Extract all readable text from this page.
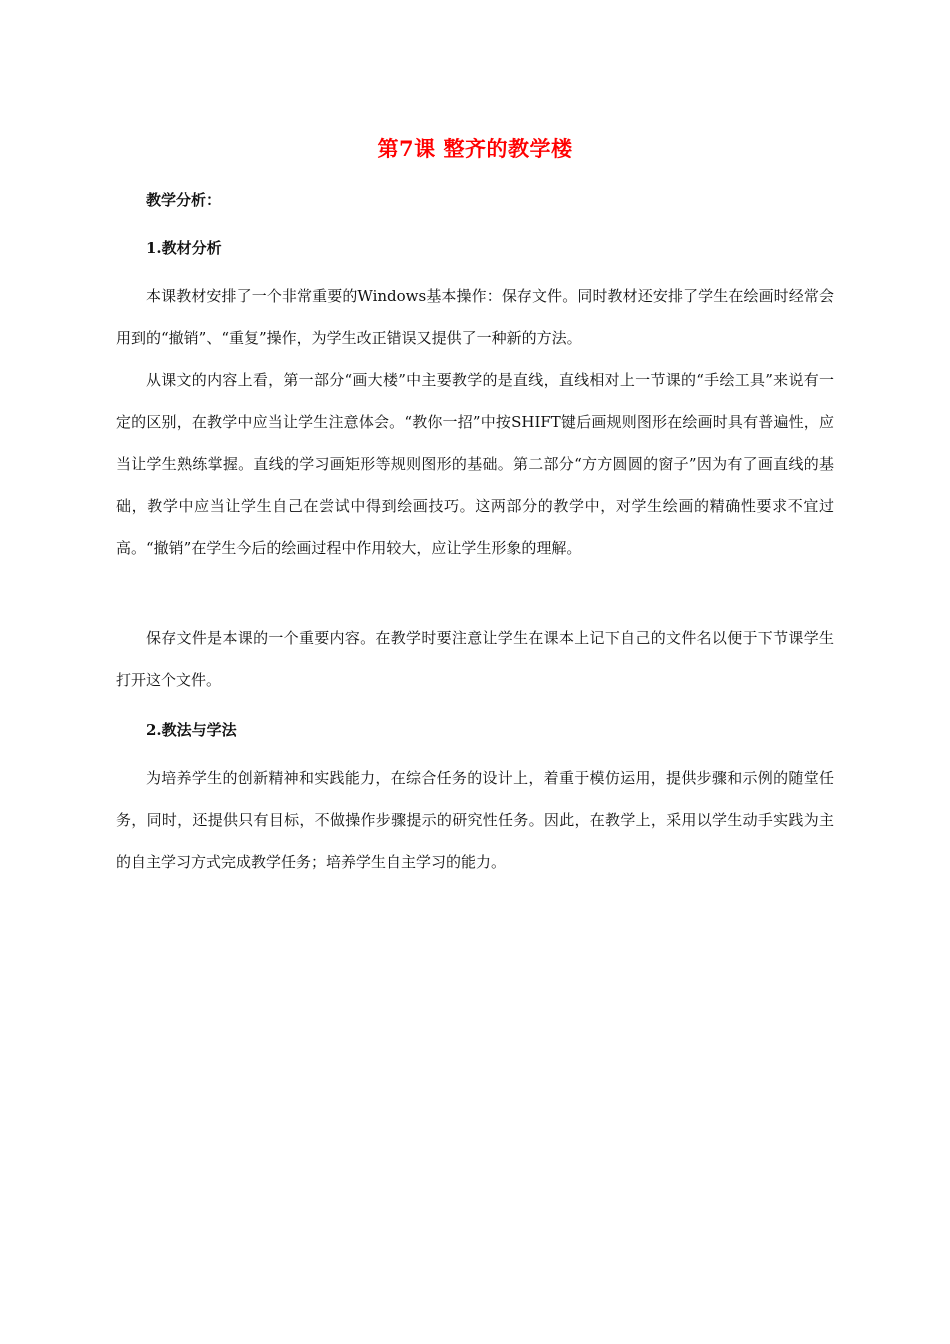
第7课 整齐的教学楼

教学分析：

1.教材分析

本课教材安排了一个非常重要的Windows基本操作：保存文件。同时教材还安排了学生在绘画时经常会用到的“撤销”、“重复”操作，为学生改正错误又提供了一种新的方法。

从课文的内容上看，第一部分“画大楼”中主要教学的是直线，直线相对上一节课的“手绘工具”来说有一定的区别，在教学中应当让学生注意体会。“教你一招”中按SHIFT键后画规则图形在绘画时具有普遍性，应当让学生熟练掌握。直线的学习画矩形等规则图形的基础。第二部分“方方圆圆的窗子”因为有了画直线的基础，教学中应当让学生自己在尝试中得到绘画技巧。这两部分的教学中，对学生绘画的精确性要求不宜过高。“撤销”在学生今后的绘画过程中作用较大，应让学生形象的理解。

保存文件是本课的一个重要内容。在教学时要注意让学生在课本上记下自己的文件名以便于下节课学生打开这个文件。

2.教法与学法

为培养学生的创新精神和实践能力，在综合任务的设计上，着重于模仿运用，提供步骤和示例的随堂任务，同时，还提供只有目标，不做操作步骤提示的研究性任务。因此，在教学上，采用以学生动手实践为主的自主学习方式完成教学任务；培养学生自主学习的能力。
